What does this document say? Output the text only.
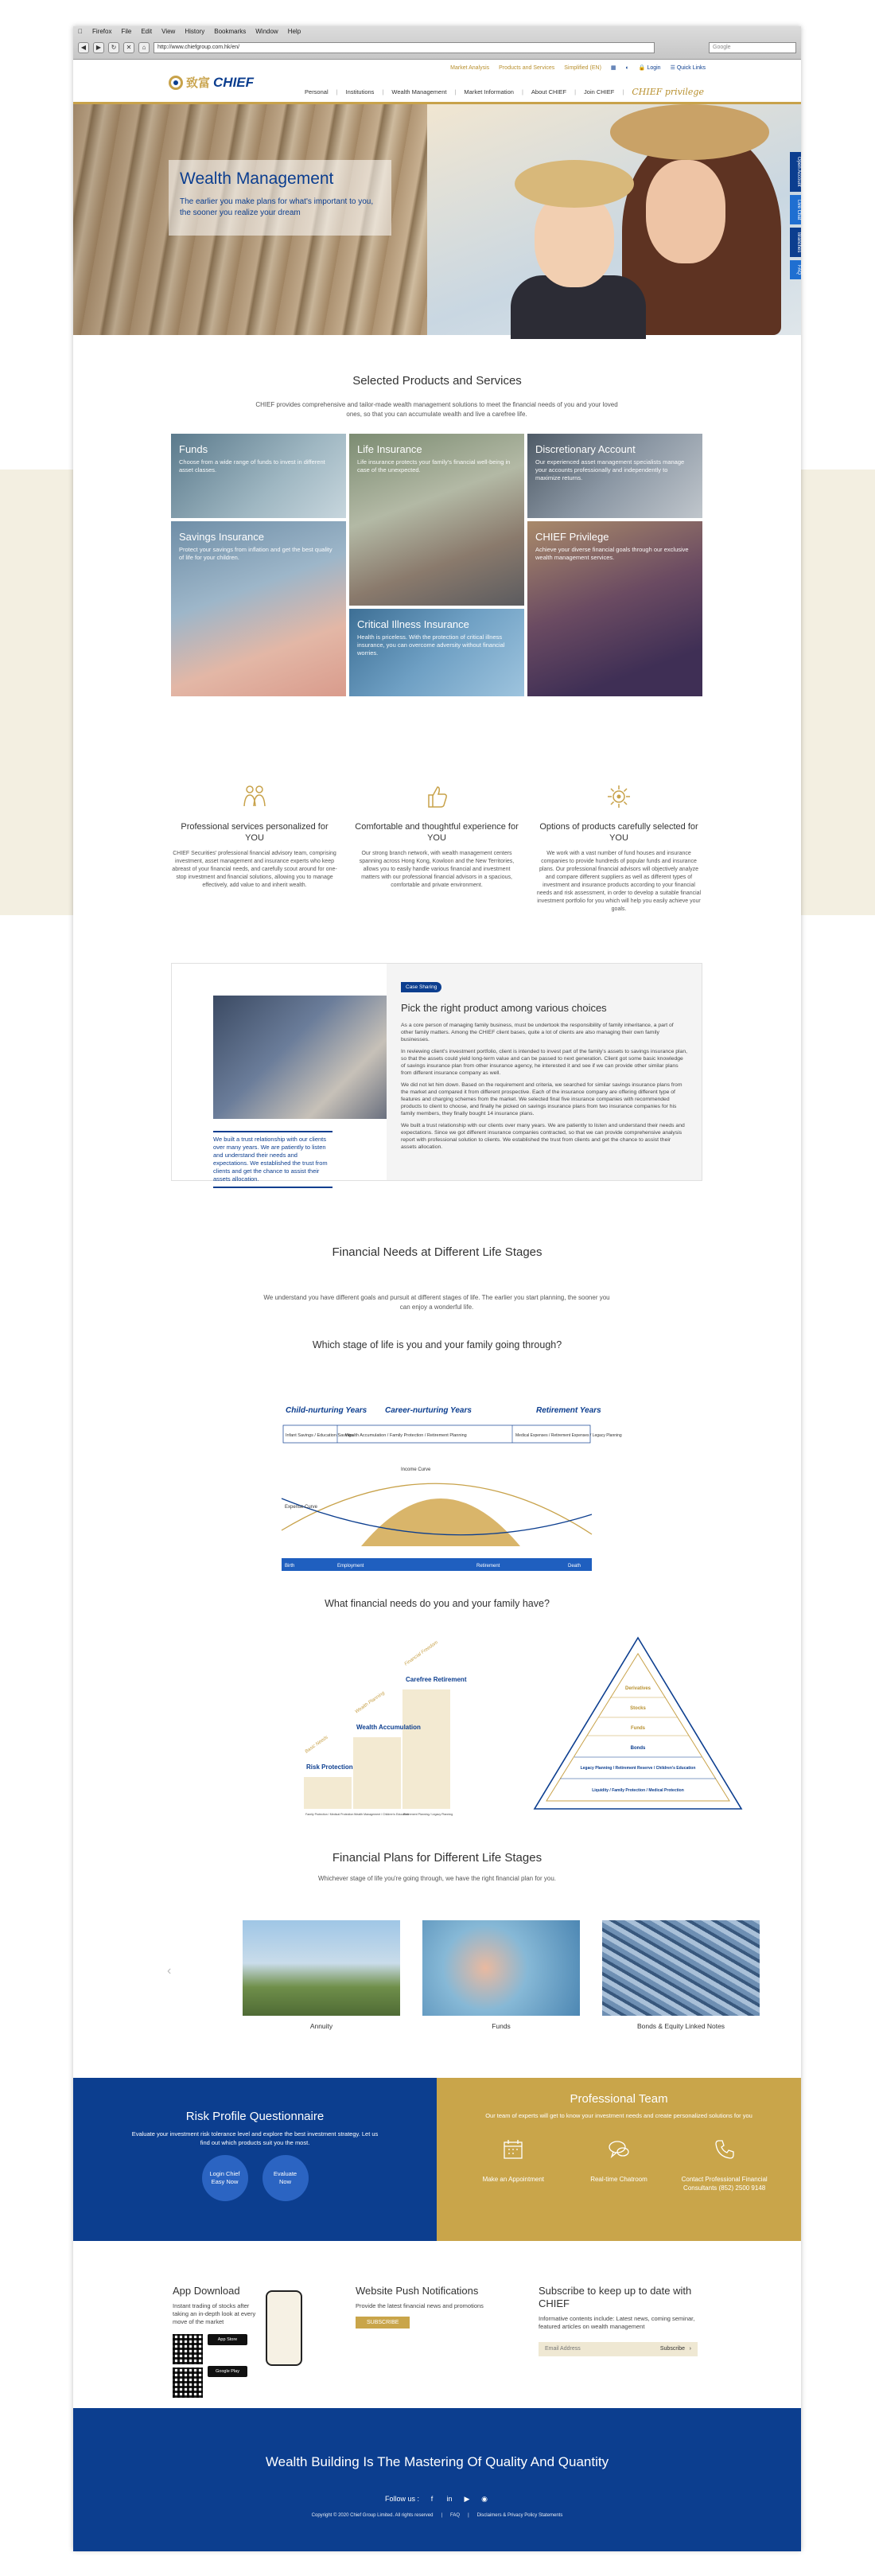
Firefox File Edit View History Bookmarks Window Help
◀	▶	↻	✕	⌂	http://www.chiefgroup.com.hk/en/	Google
致富 CHIEF
Market Analysis Products and Services Simplified (EN) ▦ ◐ 🔒 Login ☰ Quick Links
Personal | Institutions | Wealth Management | Market Information | About CHIEF | Join CHIEF | CHIEF privilege
Wealth Management
The earlier you make plans for what's important to you, the sooner you realize your dream
Open Account
Live Chat
Branches
FAQ
Selected Products and Services
CHIEF provides comprehensive and tailor-made wealth management solutions to meet the financial needs of you and your loved ones, so that you can accumulate wealth and live a carefree life.
Funds
Choose from a wide range of funds to invest in different asset classes.
Life Insurance
Life insurance protects your family's financial well-being in case of the unexpected.
Discretionary Account
Our experienced asset management specialists manage your accounts professionally and independently to maximize returns.
Savings Insurance
Protect your savings from inflation and get the best quality of life for your children.
CHIEF Privilege
Achieve your diverse financial goals through our exclusive wealth management services.
Critical Illness Insurance
Health is priceless. With the protection of critical illness insurance, you can overcome adversity without financial worries.
Professional services personalized for YOU
CHIEF Securities' professional financial advisory team, comprising investment, asset management and insurance experts who keep abreast of your financial needs, and carefully scout around for one-stop investment and financial solutions, allowing you to manage effectively, add value to and inherit wealth.
Comfortable and thoughtful experience for YOU
Our strong branch network, with wealth management centers spanning across Hong Kong, Kowloon and the New Territories, allows you to easily handle various financial and investment matters with our professional financial advisors in a spacious, comfortable and private environment.
Options of products carefully selected for YOU
We work with a vast number of fund houses and insurance companies to provide hundreds of popular funds and insurance plans. Our professional financial advisors will objectively analyze and compare different suppliers as well as different types of investment and insurance products according to your financial needs and risk assessment, in order to develop a suitable financial investment portfolio for you which will help you easily achieve your goals.
We built a trust relationship with our clients over many years. We are patiently to listen and understand their needs and expectations. We established the trust from clients and get the chance to assist their assets allocation.
Case Sharing
Pick the right product among various choices
As a core person of managing family business, must be undertook the responsibility of family inheritance, a part of other family matters. Among the CHIEF client bases, quite a lot of clients are also managing their own family businesses.
In reviewing client's investment portfolio, client is intended to invest part of the family's assets to savings insurance plan, so that the assets could yield long-term value and can be passed to next generation. Client got some basic knowledge of savings insurance plan from other insurance agency, he interested it and see if we can provide other similar plans from different insurance company as well.
We did not let him down. Based on the requirement and criteria, we searched for similar savings insurance plans from the market and compared it from different prospective. Each of the insurance company are offering different type of features and charging schemes from the market. We selected final five insurance companies with recommended products to client to choose, and finally he picked on savings insurance plans from two insurance companies for his family members, they finally bought 14 insurance plans.
We built a trust relationship with our clients over many years. We are patiently to listen and understand their needs and expectations. Since we got different insurance companies contracted, so that we can provide comprehensive analysis report with professional solution to clients. We established the trust from clients and get the chance to assist their assets allocation.
Financial Needs at Different Life Stages
We understand you have different goals and pursuit at different stages of life. The earlier you start planning, the sooner you can enjoy a wonderful life.
Which stage of life is you and your family going through?
Child-nurturing Years Career-nurturing Years	Retirement Years
Infant Savings / Education Savings
Wealth Accumulation / Family Protection / Retirement Planning	Medical Expenses / Retirement Expenses / Legacy Planning
Income Curve
Expense Curve
Financial Management
Birth	Employment	Retirement	Death
What financial needs do you and your family have?
Risk Protection
Wealth Accumulation
Carefree Retirement
Family Protection / Medical Protection Wealth Management / Children's Education
Retirement Planning / Legacy Planning
Basic Needs
Wealth Planning
Financial Freedom
Derivatives
Stocks
Funds
Bonds
Legacy Planning / Retirement Reserve / Children's Education
Liquidity / Family Protection / Medical Protection
Financial Plans for Different Life Stages
Whichever stage of life you're going through, we have the right financial plan for you.
‹
Annuity	Funds	Bonds & Equity Linked Notes
Risk Profile Questionnaire
Evaluate your investment risk tolerance level and explore the best investment strategy. Let us find out which products suit you the most.
Login Chief Easy Now
Evaluate Now
Professional Team
Our team of experts will get to know your investment needs and create personalized solutions for you
Make an Appointment	Real-time Chatroom	Contact Professional Financial Consultants (852) 2500 9148
App Download

Instant trading of stocks after taking an in-depth look at every move of the market

App Store
Google Play
Website Push Notifications

Provide the latest financial news and promotions

SUBSCRIBE
Subscribe to keep up to date with CHIEF

Informative contents include: Latest news, coming seminar, featured articles on wealth management

Email Address	Subscribe ›
Wealth Building Is The Mastering Of Quality And Quantity
Follow us :	f	in ▶ ◉
Copyright © 2020 Chief Group Limited. All rights reserved | FAQ | Disclaimers & Privacy Policy Statements
